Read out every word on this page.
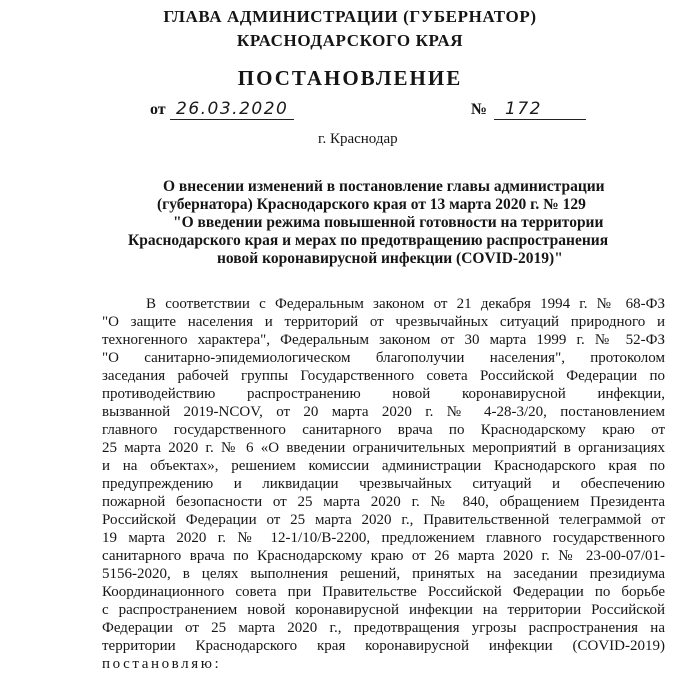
ГЛАВА АДМИНИСТРАЦИИ (ГУБЕРНАТОР)
КРАСНОДАРСКОГО КРАЯ
ПОСТАНОВЛЕНИЕ
от 26.03.2020	№ 172
г. Краснодар
О внесении изменений в постановление главы администрации
(губернатора) Краснодарского края от 13 марта 2020 г. № 129
"О введении режима повышенной готовности на территории
Краснодарского края и мерах по предотвращению распространения
новой коронавирусной инфекции (COVID-2019)"
В соответствии с Федеральным законом от 21 декабря 1994 г. № 68-ФЗ
"О защите населения и территорий от чрезвычайных ситуаций природного и
техногенного характера", Федеральным законом от 30 марта 1999 г. № 52-ФЗ
"О санитарно-эпидемиологическом благополучии населения", протоколом
заседания рабочей группы Государственного совета Российской Федерации по
противодействию распространению новой коронавирусной инфекции,
вызванной 2019-NCOV, от 20 марта 2020 г. № 4-28-3/20, постановлением
главного государственного санитарного врача по Краснодарскому краю от
25 марта 2020 г. № 6 «О введении ограничительных мероприятий в организациях
и на объектах», решением комиссии администрации Краснодарского края по
предупреждению и ликвидации чрезвычайных ситуаций и обеспечению
пожарной безопасности от 25 марта 2020 г. № 840, обращением Президента
Российской Федерации от 25 марта 2020 г., Правительственной телеграммой от
19 марта 2020 г. № 12-1/10/В-2200, предложением главного государственного
санитарного врача по Краснодарскому краю от 26 марта 2020 г. № 23-00-07/01-
5156-2020, в целях выполнения решений, принятых на заседании президиума
Координационного совета при Правительстве Российской Федерации по борьбе
с распространением новой коронавирусной инфекции на территории Российской
Федерации от 25 марта 2020 г., предотвращения угрозы распространения на
территории Краснодарского края коронавирусной инфекции (COVID-2019)
постановляю:
